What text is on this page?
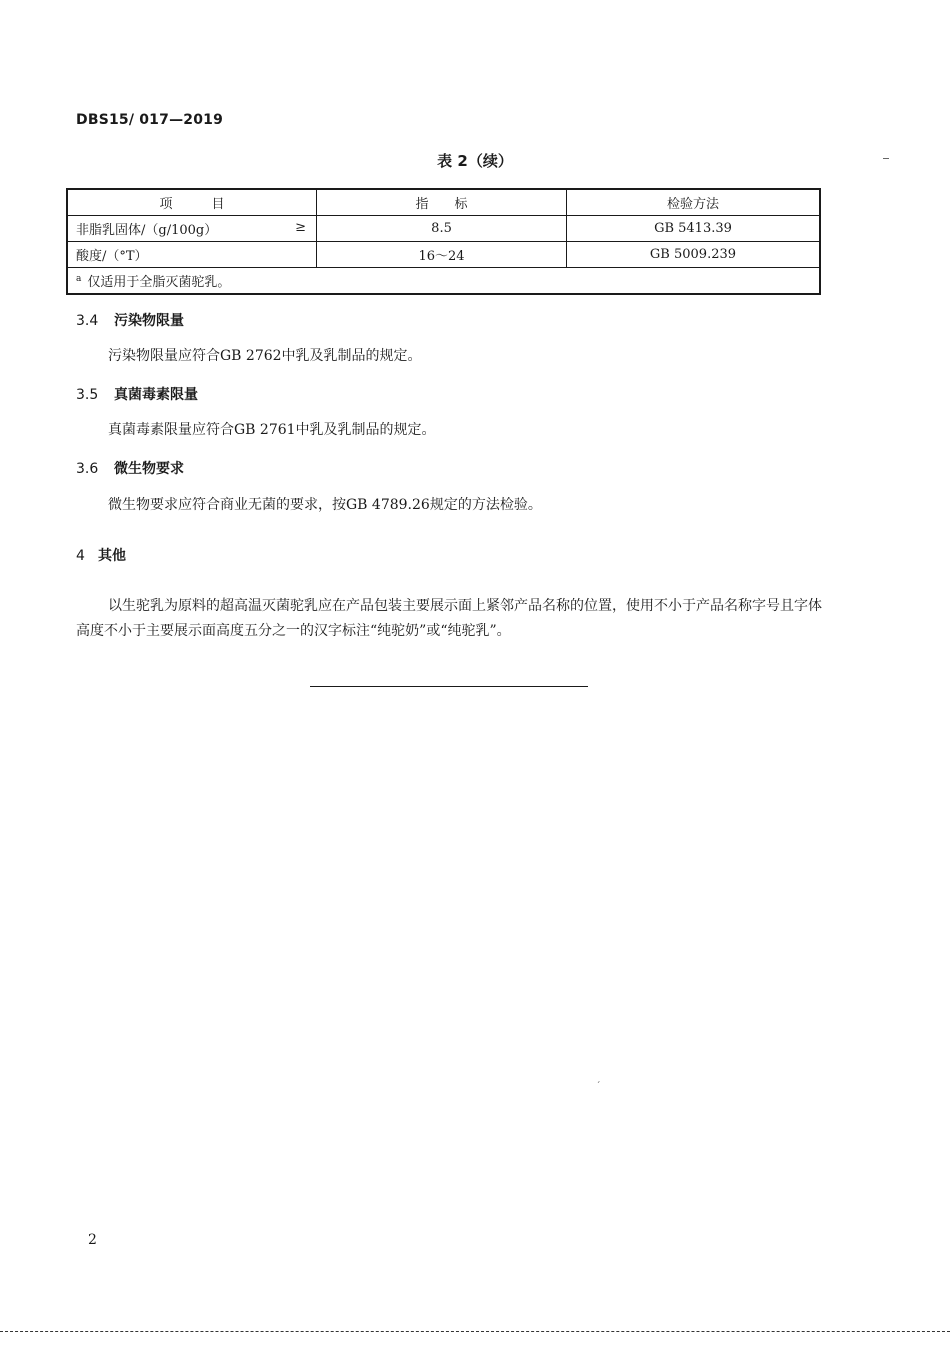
DBS15/ 017—2019
表 2（续）
项　　　目	指　　标	检验方法
非脂乳固体/（g/100g） ≥	8.5	GB 5413.39
酸度/（°T）	16～24	GB 5009.239
$^a$ 仅适用于全脂灭菌驼乳。		
3.4 污染物限量
污染物限量应符合GB 2762中乳及乳制品的规定。
3.5 真菌毒素限量
真菌毒素限量应符合GB 2761中乳及乳制品的规定。
3.6 微生物要求
微生物要求应符合商业无菌的要求，按GB 4789.26规定的方法检验。
4 其他
以生驼乳为原料的超高温灭菌驼乳应在产品包装主要展示面上紧邻产品名称的位置，使用不小于产品名称字号且字体高度不小于主要展示面高度五分之一的汉字标注“纯驼奶”或“纯驼乳”。
ˊ
2
